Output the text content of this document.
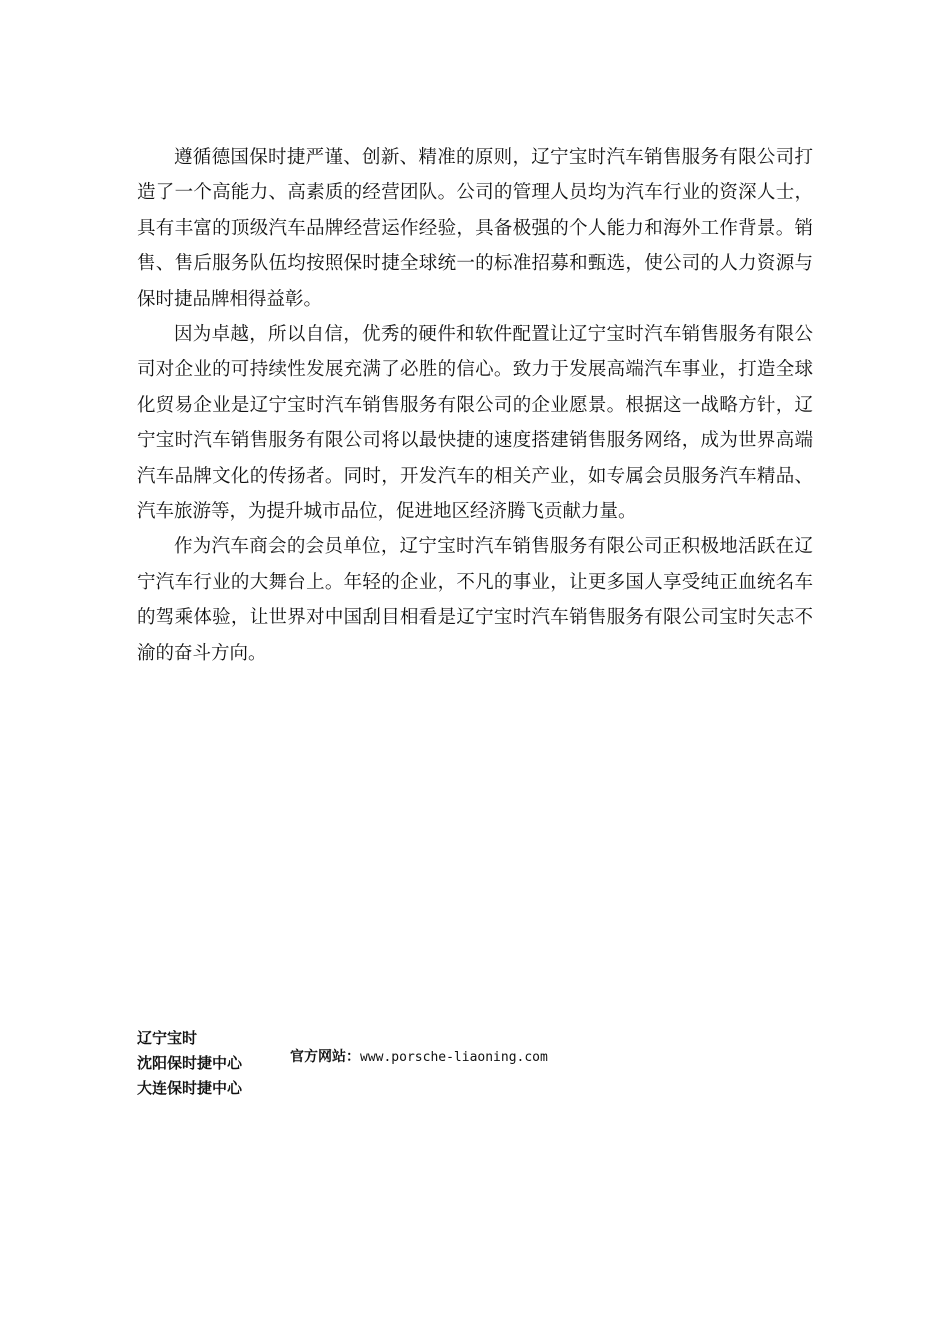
遵循德国保时捷严谨、创新、精准的原则，辽宁宝时汽车销售服务有限公司打造了一个高能力、高素质的经营团队。公司的管理人员均为汽车行业的资深人士，具有丰富的顶级汽车品牌经营运作经验，具备极强的个人能力和海外工作背景。销售、售后服务队伍均按照保时捷全球统一的标准招募和甄选，使公司的人力资源与保时捷品牌相得益彰。

因为卓越，所以自信，优秀的硬件和软件配置让辽宁宝时汽车销售服务有限公司对企业的可持续性发展充满了必胜的信心。致力于发展高端汽车事业，打造全球化贸易企业是辽宁宝时汽车销售服务有限公司的企业愿景。根据这一战略方针，辽宁宝时汽车销售服务有限公司将以最快捷的速度搭建销售服务网络，成为世界高端汽车品牌文化的传扬者。同时，开发汽车的相关产业，如专属会员服务汽车精品、汽车旅游等，为提升城市品位，促进地区经济腾飞贡献力量。

作为汽车商会的会员单位，辽宁宝时汽车销售服务有限公司正积极地活跃在辽宁汽车行业的大舞台上。年轻的企业，不凡的事业，让更多国人享受纯正血统名车的驾乘体验，让世界对中国刮目相看是辽宁宝时汽车销售服务有限公司宝时矢志不渝的奋斗方向。

辽宁宝时
沈阳保时捷中心
大连保时捷中心
官方网站：www.porsche-liaoning.com
